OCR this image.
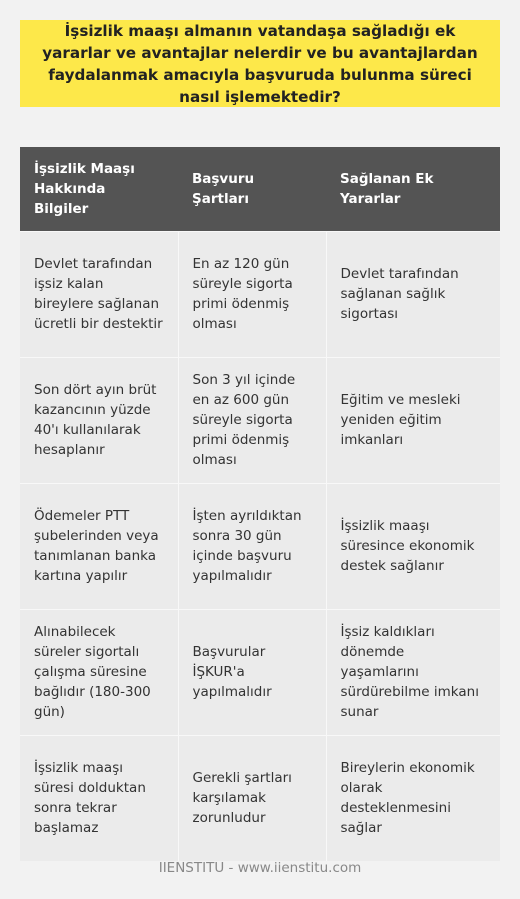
İşsizlik maaşı almanın vatandaşa sağladığı ek yararlar ve avantajlar nelerdir ve bu avantajlardan faydalanmak amacıyla başvuruda bulunma süreci nasıl işlemektedir?
İşsizlik Maaşı Hakkında Bilgiler	Başvuru Şartları	Sağlanan Ek Yararlar
Devlet tarafından işsiz kalan bireylere sağlanan ücretli bir destektir	En az 120 gün süreyle sigorta primi ödenmiş olması	Devlet tarafından sağlanan sağlık sigortası
Son dört ayın brüt kazancının yüzde 40'ı kullanılarak hesaplanır	Son 3 yıl içinde en az 600 gün süreyle sigorta primi ödenmiş olması	Eğitim ve mesleki yeniden eğitim imkanları
Ödemeler PTT şubelerinden veya tanımlanan banka kartına yapılır	İşten ayrıldıktan sonra 30 gün içinde başvuru yapılmalıdır	İşsizlik maaşı süresince ekonomik destek sağlanır
Alınabilecek süreler sigortalı çalışma süresine bağlıdır (180-300 gün)	Başvurular İŞKUR'a yapılmalıdır	İşsiz kaldıkları dönemde yaşamlarını sürdürebilme imkanı sunar
İşsizlik maaşı süresi dolduktan sonra tekrar başlamaz	Gerekli şartları karşılamak zorunludur	Bireylerin ekonomik olarak desteklenmesini sağlar
IIENSTITU - www.iienstitu.com
